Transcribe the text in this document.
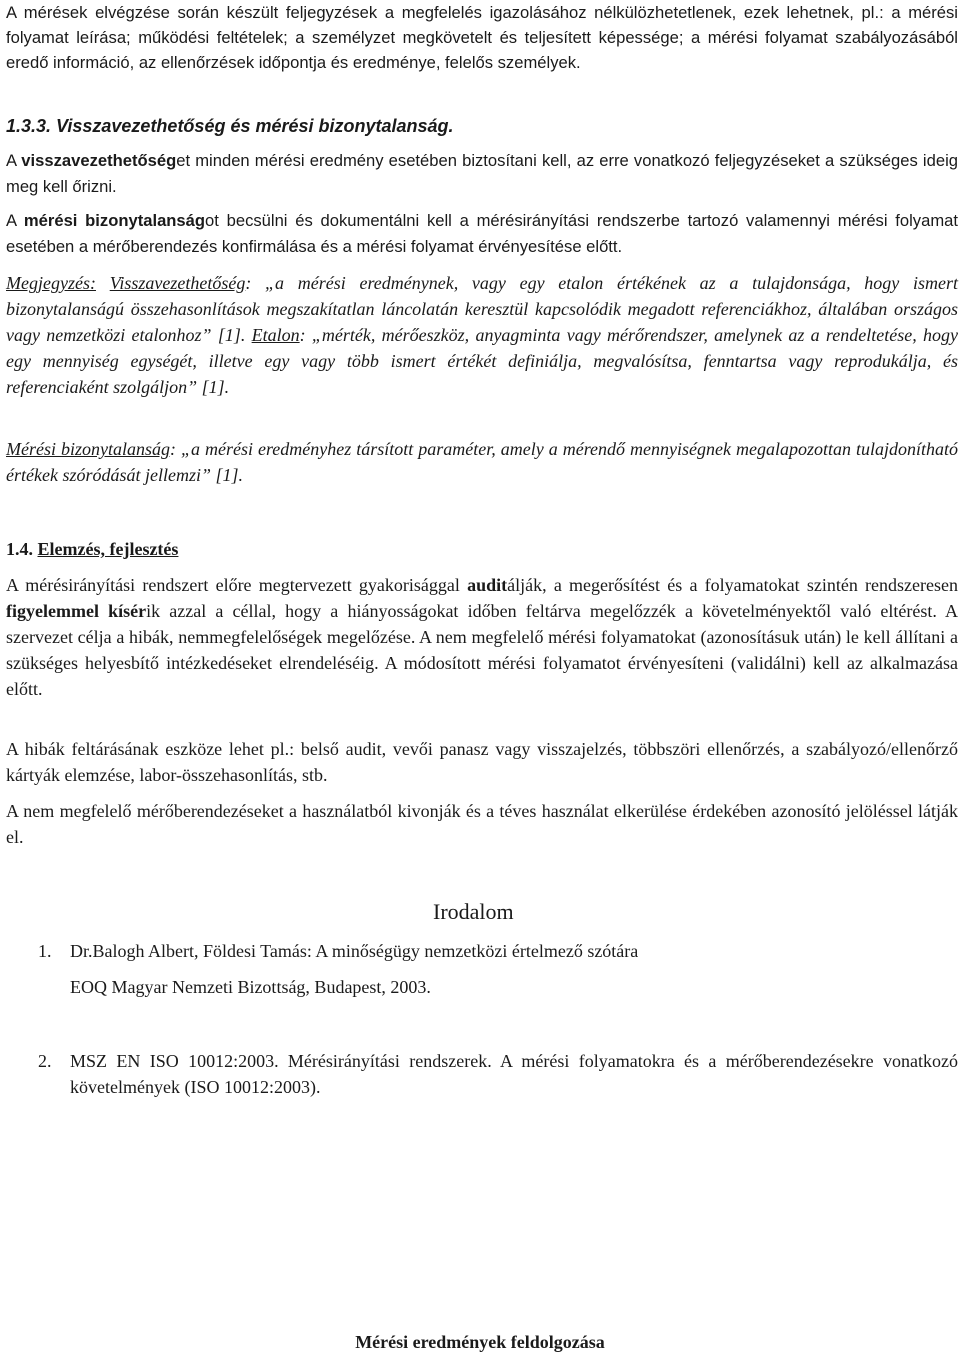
A mérések elvégzése során készült feljegyzések a megfelelés igazolásához nélkülözhetetlenek, ezek lehetnek, pl.: a mérési folyamat leírása; működési feltételek; a személyzet megkövetelt és teljesített képessége; a mérési folyamat szabályozásából eredő információ, az ellenőrzések időpontja és eredménye, felelős személyek.

1.3.3. Visszavezethetőség és mérési bizonytalanság.

A visszavezethetőséget minden mérési eredmény esetében biztosítani kell, az erre vonatkozó feljegyzéseket a szükséges ideig meg kell őrizni.

A mérési bizonytalanságot becsülni és dokumentálni kell a mérésirányítási rendszerbe tartozó valamennyi mérési folyamat esetében a mérőberendezés konfirmálása és a mérési folyamat érvényesítése előtt.

Megjegyzés: Visszavezethetőség: „a mérési eredménynek, vagy egy etalon értékének az a tulajdonsága, hogy ismert bizonytalanságú összehasonlítások megszakítatlan láncolatán keresztül kapcsolódik megadott referenciákhoz, általában országos vagy nemzetközi etalonhoz” [1]. Etalon: „mérték, mérőeszköz, anyagminta vagy mérőrendszer, amelynek az a rendeltetése, hogy egy mennyiség egységét, illetve egy vagy több ismert értékét definiálja, megvalósítsa, fenntartsa vagy reprodukálja, és referenciaként szolgáljon” [1].

Mérési bizonytalanság: „a mérési eredményhez társított paraméter, amely a mérendő mennyiségnek megalapozottan tulajdonítható értékek szóródását jellemzi” [1].

1.4. Elemzés, fejlesztés

A mérésirányítási rendszert előre megtervezett gyakorisággal auditálják, a megerősítést és a folyamatokat szintén rendszeresen figyelemmel kísérik azzal a céllal, hogy a hiányosságokat időben feltárva megelőzzék a követelményektől való eltérést. A szervezet célja a hibák, nemmegfelelőségek megelőzése. A nem megfelelő mérési folyamatokat (azonosításuk után) le kell állítani a szükséges helyesbítő intézkedéseket elrendeléséig. A módosított mérési folyamatot érvényesíteni (validálni) kell az alkalmazása előtt.

A hibák feltárásának eszköze lehet pl.: belső audit, vevői panasz vagy visszajelzés, többszöri ellenőrzés, a szabályozó/ellenőrző kártyák elemzése, labor-összehasonlítás, stb.

A nem megfelelő mérőberendezéseket a használatból kivonják és a téves használat elkerülése érdekében azonosító jelöléssel látják el.

Irodalom
1. Dr.Balogh Albert, Földesi Tamás: A minőségügy nemzetközi értelmező szótára
EOQ Magyar Nemzeti Bizottság, Budapest, 2003.
2. MSZ EN ISO 10012:2003. Mérésirányítási rendszerek. A mérési folyamatokra és a mérőberendezésekre vonatkozó követelmények (ISO 10012:2003).

Mérési eredmények feldolgozása
